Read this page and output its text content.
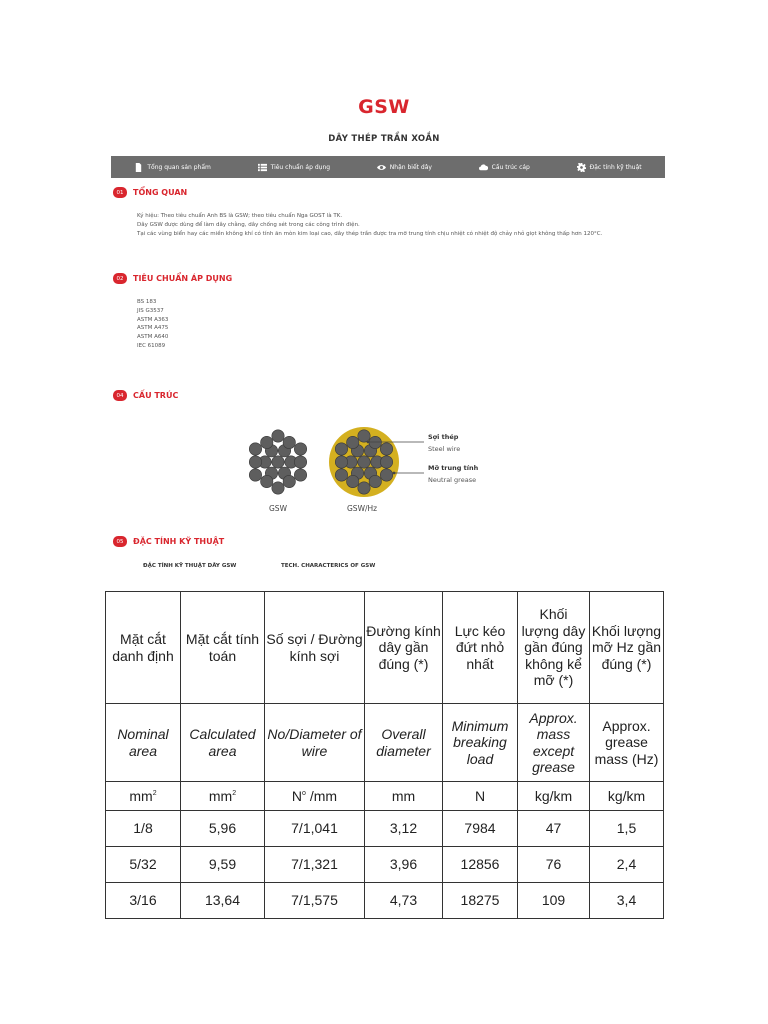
GSW
DÂY THÉP TRẦN XOẮN
Tổng quan sản phẩm	Tiêu chuẩn áp dụng	Nhận biết dây	Cấu trúc cáp	Đặc tính kỹ thuật
01	TỔNG QUAN
Ký hiệu: Theo tiêu chuẩn Anh BS là GSW; theo tiêu chuẩn Nga GOST là TK.
Dây GSW được dùng để làm dây chằng, dây chống sét trong các công trình điện.
Tại các vùng biển hay các miền không khí có tính ăn mòn kim loại cao, dây thép trần được tra mỡ trung tính chịu nhiệt có nhiệt độ chảy nhỏ giọt không thấp hơn 120°C.
02	TIÊU CHUẨN ÁP DỤNG
BS 183
JIS G3537
ASTM A363
ASTM A475
ASTM A640
IEC 61089
04	CẤU TRÚC
GSW	GSW/Hz
Sợi thép
Steel wire
Mỡ trung tính
Neutral grease
05	ĐẶC TÍNH KỸ THUẬT
ĐẶC TÍNH KỸ THUẬT DÂY GSW	TECH. CHARACTERICS OF GSW
Mặt cắt danh định	Mặt cắt tính toán	Số sợi / Đường kính sợi	Đường kính dây gần đúng (*)	Lực kéo đứt nhỏ nhất	Khối lượng dây gần đúng không kể mỡ (*)	Khối lượng mỡ Hz gần đúng (*)
Nominal area	Calculated area	No/Diameter of wire	Overall diameter	Minimum breaking load	Approx. mass except grease	Approx. grease mass (Hz)
$mm^2$	$mm^2$	$N^o$ /mm	mm	N	kg/km	kg/km
1/8	5,96	7/1,041	3,12	7984	47	1,5
5/32	9,59	7/1,321	3,96	12856	76	2,4
3/16	13,64	7/1,575	4,73	18275	109	3,4
